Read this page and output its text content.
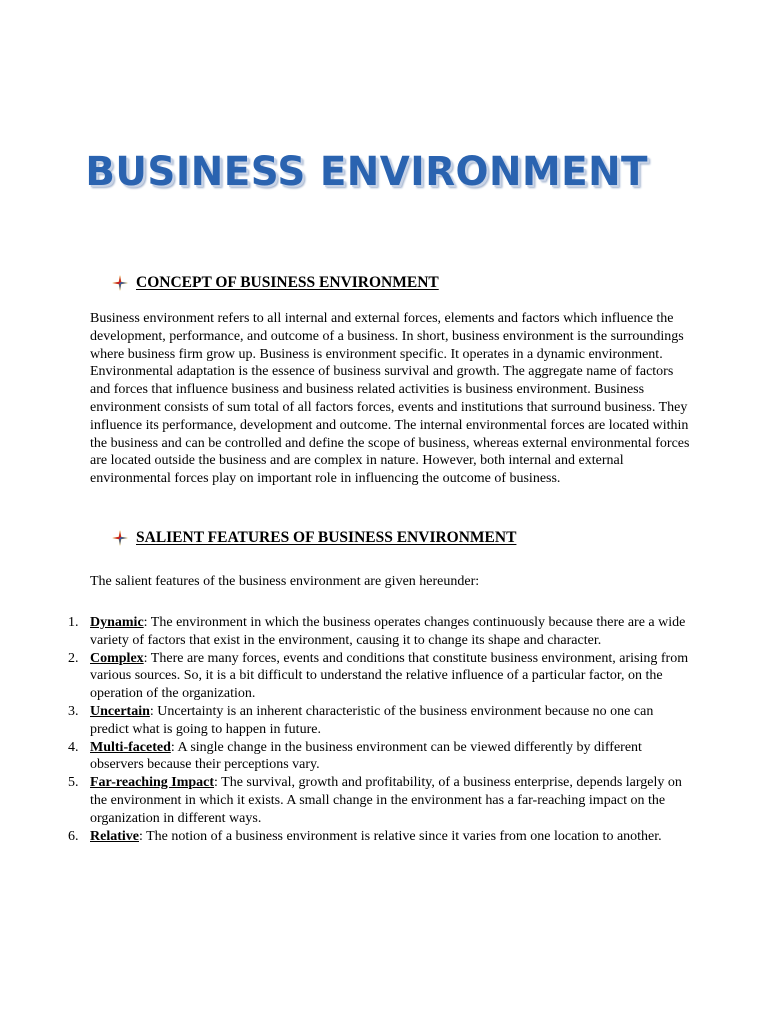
BUSINESS ENVIRONMENT
CONCEPT OF BUSINESS ENVIRONMENT

Business environment refers to all internal and external forces, elements and factors which influence the development, performance, and outcome of a business. In short, business environment is the surroundings where business firm grow up. Business is environment specific. It operates in a dynamic environment. Environmental adaptation is the essence of business survival and growth. The aggregate name of factors and forces that influence business and business related activities is business environment. Business environment consists of sum total of all factors forces, events and institutions that surround business. They influence its performance, development and outcome. The internal environmental forces are located within the business and can be controlled and define the scope of business, whereas external environmental forces are located outside the business and are complex in nature. However, both internal and external environmental forces play on important role in influencing the outcome of business.

SALIENT FEATURES OF BUSINESS ENVIRONMENT

The salient features of the business environment are given hereunder:

1. Dynamic: The environment in which the business operates changes continuously because there are a wide variety of factors that exist in the environment, causing it to change its shape and character.
2. Complex: There are many forces, events and conditions that constitute business environment, arising from various sources. So, it is a bit difficult to understand the relative influence of a particular factor, on the operation of the organization.
3. Uncertain: Uncertainty is an inherent characteristic of the business environment because no one can predict what is going to happen in future.
4. Multi-faceted: A single change in the business environment can be viewed differently by different observers because their perceptions vary.
5. Far-reaching Impact: The survival, growth and profitability, of a business enterprise, depends largely on the environment in which it exists. A small change in the environment has a far-reaching impact on the organization in different ways.
6. Relative: The notion of a business environment is relative since it varies from one location to another.
